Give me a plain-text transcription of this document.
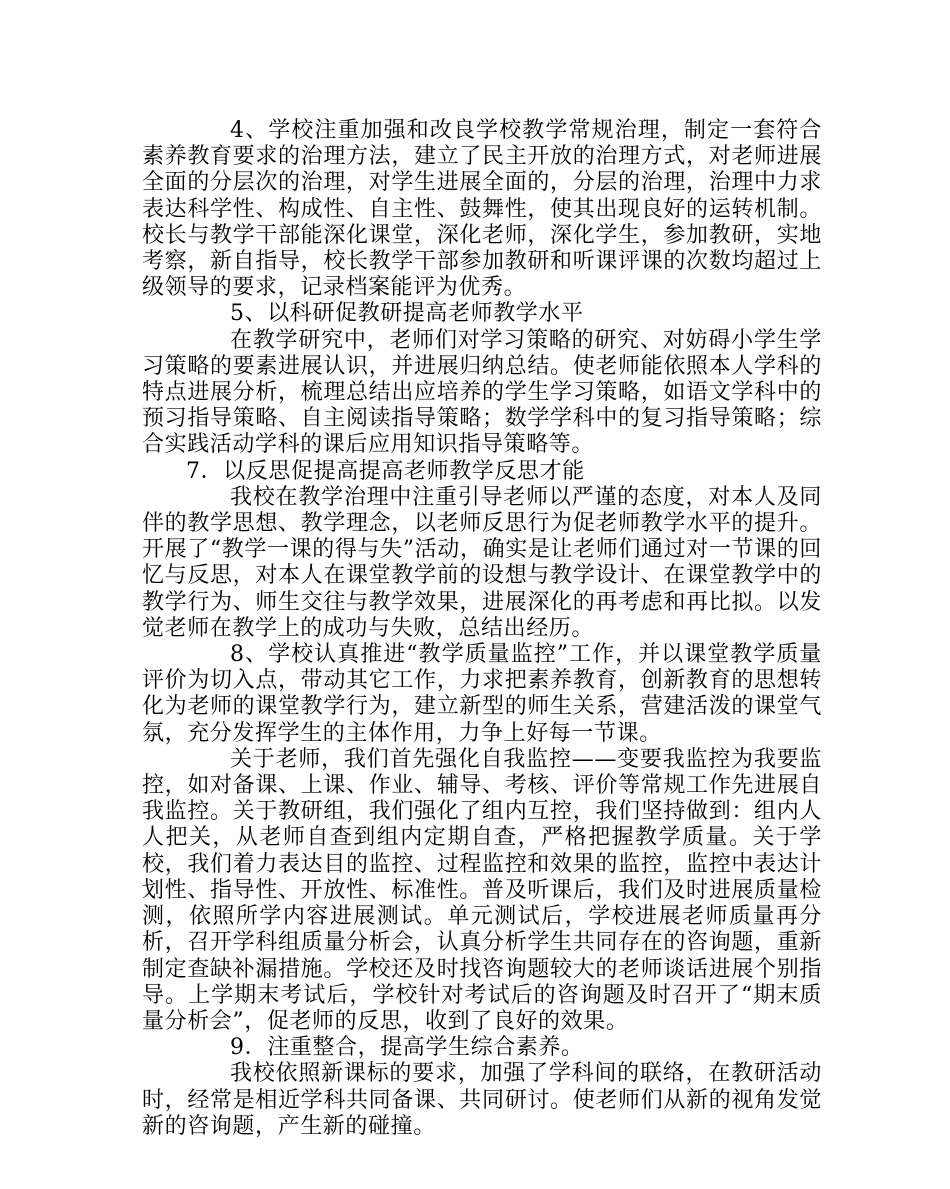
4、学校注重加强和改良学校教学常规治理，制定一套符合素养教育要求的治理方法，建立了民主开放的治理方式，对老师进展全面的分层次的治理，对学生进展全面的，分层的治理，治理中力求表达科学性、构成性、自主性、鼓舞性，使其出现良好的运转机制。校长与教学干部能深化课堂，深化老师，深化学生，参加教研，实地考察，新自指导，校长教学干部参加教研和听课评课的次数均超过上级领导的要求，记录档案能评为优秀。

5、以科研促教研提高老师教学水平

在教学研究中，老师们对学习策略的研究、对妨碍小学生学习策略的要素进展认识，并进展归纳总结。使老师能依照本人学科的特点进展分析，梳理总结出应培养的学生学习策略，如语文学科中的预习指导策略、自主阅读指导策略；数学学科中的复习指导策略；综合实践活动学科的课后应用知识指导策略等。

7．以反思促提高提高老师教学反思才能

我校在教学治理中注重引导老师以严谨的态度，对本人及同伴的教学思想、教学理念，以老师反思行为促老师教学水平的提升。开展了“教学一课的得与失”活动，确实是让老师们通过对一节课的回忆与反思，对本人在课堂教学前的设想与教学设计、在课堂教学中的教学行为、师生交往与教学效果，进展深化的再考虑和再比拟。以发觉老师在教学上的成功与失败，总结出经历。

8、学校认真推进“教学质量监控”工作，并以课堂教学质量评价为切入点，带动其它工作，力求把素养教育，创新教育的思想转化为老师的课堂教学行为，建立新型的师生关系，营建活泼的课堂气氛，充分发挥学生的主体作用，力争上好每一节课。

关于老师，我们首先强化自我监控——变要我监控为我要监控，如对备课、上课、作业、辅导、考核、评价等常规工作先进展自我监控。关于教研组，我们强化了组内互控，我们坚持做到：组内人人把关，从老师自查到组内定期自查，严格把握教学质量。关于学校，我们着力表达目的监控、过程监控和效果的监控，监控中表达计划性、指导性、开放性、标准性。普及听课后，我们及时进展质量检测，依照所学内容进展测试。单元测试后，学校进展老师质量再分析，召开学科组质量分析会，认真分析学生共同存在的咨询题，重新制定查缺补漏措施。学校还及时找咨询题较大的老师谈话进展个别指导。上学期末考试后，学校针对考试后的咨询题及时召开了“期末质量分析会”，促老师的反思，收到了良好的效果。

9．注重整合，提高学生综合素养。

我校依照新课标的要求，加强了学科间的联络，在教研活动时，经常是相近学科共同备课、共同研讨。使老师们从新的视角发觉新的咨询题，产生新的碰撞。
